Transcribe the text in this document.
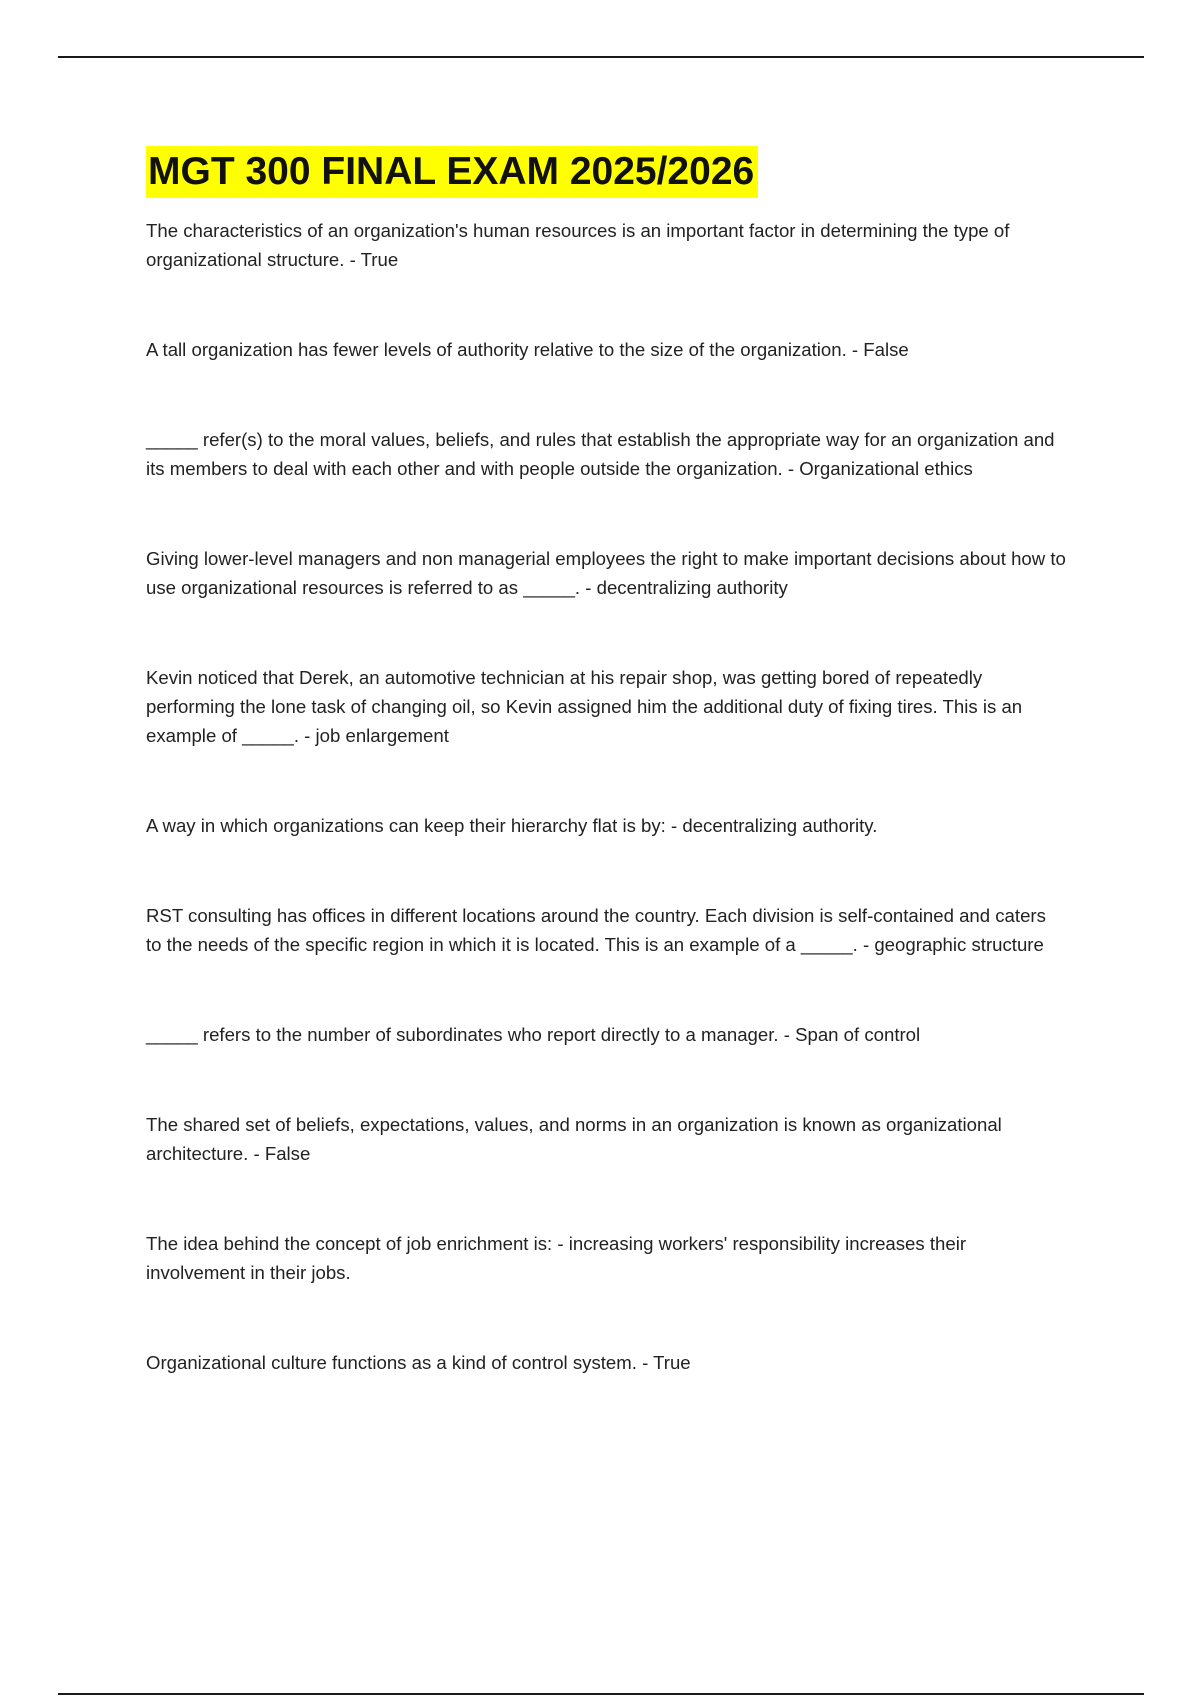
MGT 300 FINAL EXAM 2025/2026

The characteristics of an organization's human resources is an important factor in determining the type of organizational structure. - True

A tall organization has fewer levels of authority relative to the size of the organization. - False

_____ refer(s) to the moral values, beliefs, and rules that establish the appropriate way for an organization and its members to deal with each other and with people outside the organization. - Organizational ethics

Giving lower-level managers and non managerial employees the right to make important decisions about how to use organizational resources is referred to as _____. - decentralizing authority

Kevin noticed that Derek, an automotive technician at his repair shop, was getting bored of repeatedly performing the lone task of changing oil, so Kevin assigned him the additional duty of fixing tires. This is an example of _____. - job enlargement

A way in which organizations can keep their hierarchy flat is by: - decentralizing authority.

RST consulting has offices in different locations around the country. Each division is self-contained and caters to the needs of the specific region in which it is located. This is an example of a _____. - geographic structure

_____ refers to the number of subordinates who report directly to a manager. - Span of control

The shared set of beliefs, expectations, values, and norms in an organization is known as organizational architecture. - False

The idea behind the concept of job enrichment is: - increasing workers' responsibility increases their involvement in their jobs.

Organizational culture functions as a kind of control system. - True
